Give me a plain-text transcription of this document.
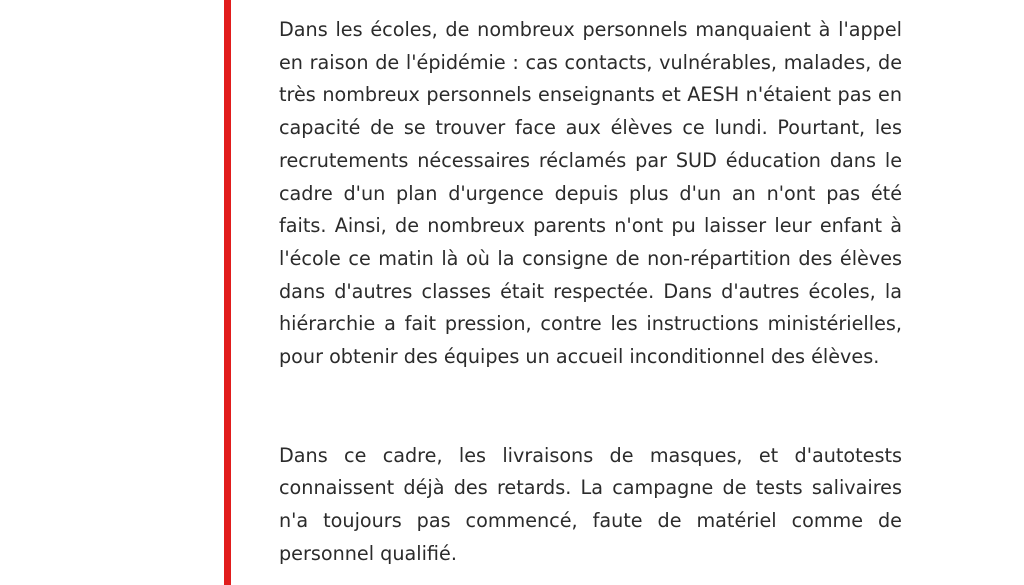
Dans les écoles, de nombreux personnels manquaient à l'appel en raison de l'épidémie : cas contacts, vulnérables, malades, de très nombreux personnels enseignants et AESH n'étaient pas en capacité de se trouver face aux élèves ce lundi. Pourtant, les recrutements nécessaires réclamés par SUD éducation dans le cadre d'un plan d'urgence depuis plus d'un an n'ont pas été faits. Ainsi, de nombreux parents n'ont pu laisser leur enfant à l'école ce matin là où la consigne de non-répartition des élèves dans d'autres classes était respectée. Dans d'autres écoles, la hiérarchie a fait pression, contre les instructions ministérielles, pour obtenir des équipes un accueil inconditionnel des élèves.

Dans ce cadre, les livraisons de masques, et d'autotests connaissent déjà des retards. La campagne de tests salivaires n'a toujours pas commencé, faute de matériel comme de personnel qualifié.
